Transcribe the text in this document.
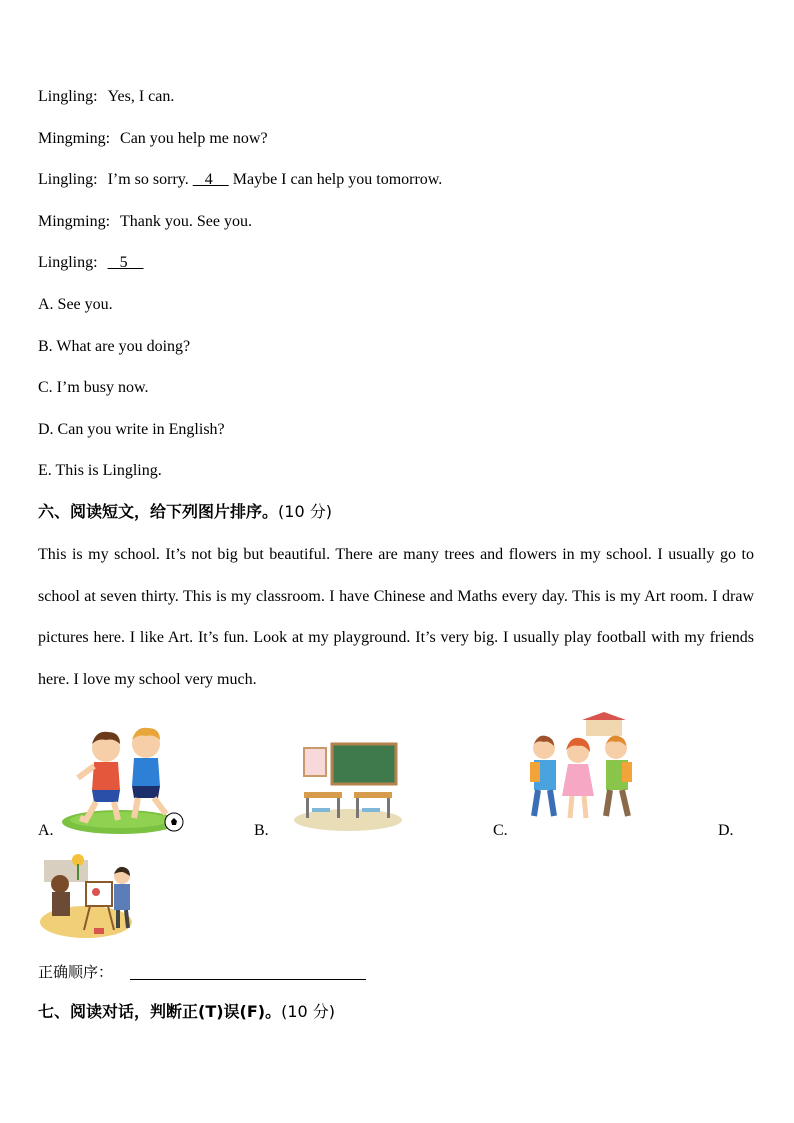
Lingling: Yes, I can.
Mingming: Can you help me now?
Lingling: I’m so sorry.    4     Maybe I can help you tomorrow.
Mingming: Thank you. See you.
Lingling:   5
A. See you.
B. What are you doing?
C. I’m busy now.
D. Can you write in English?
E. This is Lingling.
六、阅读短文，给下列图片排序。(10 分)
This is my school. It’s not big but beautiful. There are many trees and flowers in my school. I usually go to school at seven thirty. This is my classroom. I have Chinese and Maths every day. This is my Art room. I draw pictures here. I like Art. It’s fun. Look at my playground. It’s very big. I usually play football with my friends here. I love my school very much.
A.	B.	C.	D.
正确顺序：
七、阅读对话，判断正(T)误(F)。(10 分)
